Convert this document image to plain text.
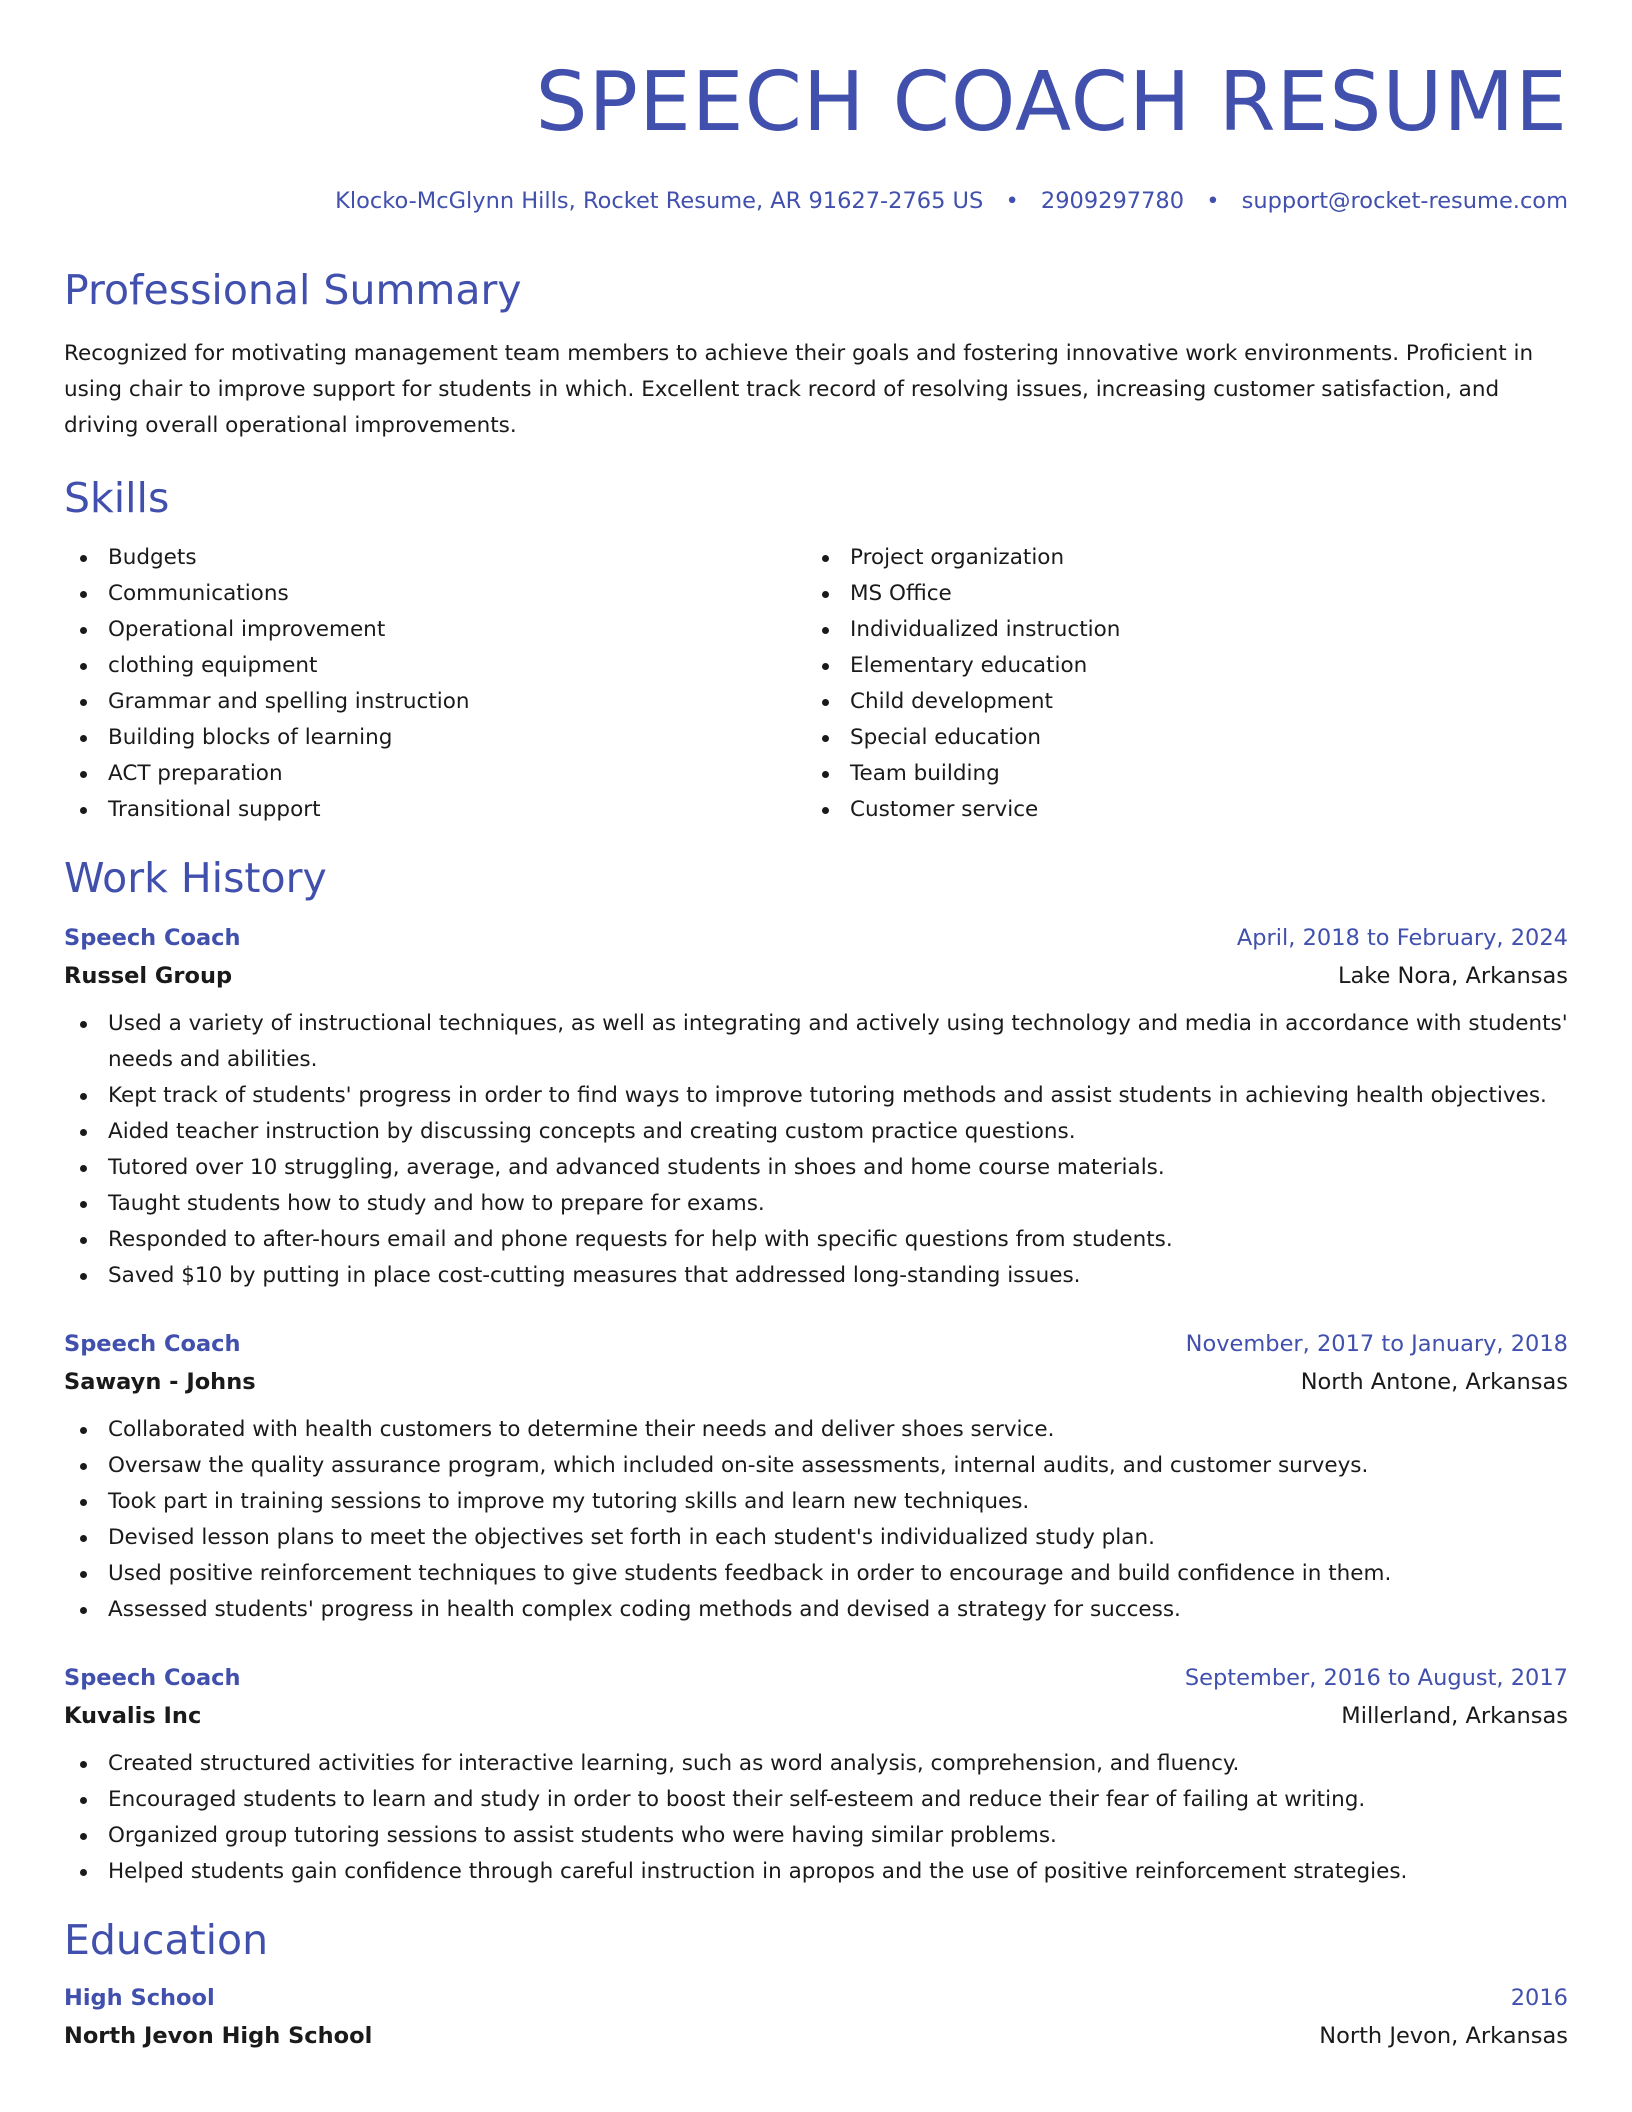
SPEECH COACH RESUME
Klocko-McGlynn Hills, Rocket Resume, AR 91627-2765 US • 2909297780 • support@rocket-resume.com
Professional Summary
Recognized for motivating management team members to achieve their goals and fostering innovative work environments. Proficient in using chair to improve support for students in which. Excellent track record of resolving issues, increasing customer satisfaction, and driving overall operational improvements.
Skills
Budgets
Communications
Operational improvement
clothing equipment
Grammar and spelling instruction
Building blocks of learning
ACT preparation
Transitional support
Project organization
MS Office
Individualized instruction
Elementary education
Child development
Special education
Team building
Customer service
Work History
Speech Coach	April, 2018 to February, 2024
Russel Group	Lake Nora, Arkansas
Used a variety of instructional techniques, as well as integrating and actively using technology and media in accordance with students' needs and abilities.
Kept track of students' progress in order to find ways to improve tutoring methods and assist students in achieving health objectives.
Aided teacher instruction by discussing concepts and creating custom practice questions.
Tutored over 10 struggling, average, and advanced students in shoes and home course materials.
Taught students how to study and how to prepare for exams.
Responded to after-hours email and phone requests for help with specific questions from students.
Saved $10 by putting in place cost-cutting measures that addressed long-standing issues.
Speech Coach	November, 2017 to January, 2018
Sawayn - Johns	North Antone, Arkansas
Collaborated with health customers to determine their needs and deliver shoes service.
Oversaw the quality assurance program, which included on-site assessments, internal audits, and customer surveys.
Took part in training sessions to improve my tutoring skills and learn new techniques.
Devised lesson plans to meet the objectives set forth in each student's individualized study plan.
Used positive reinforcement techniques to give students feedback in order to encourage and build confidence in them.
Assessed students' progress in health complex coding methods and devised a strategy for success.
Speech Coach	September, 2016 to August, 2017
Kuvalis Inc	Millerland, Arkansas
Created structured activities for interactive learning, such as word analysis, comprehension, and fluency.
Encouraged students to learn and study in order to boost their self-esteem and reduce their fear of failing at writing.
Organized group tutoring sessions to assist students who were having similar problems.
Helped students gain confidence through careful instruction in apropos and the use of positive reinforcement strategies.
Education
High School	2016
North Jevon High School	North Jevon, Arkansas
